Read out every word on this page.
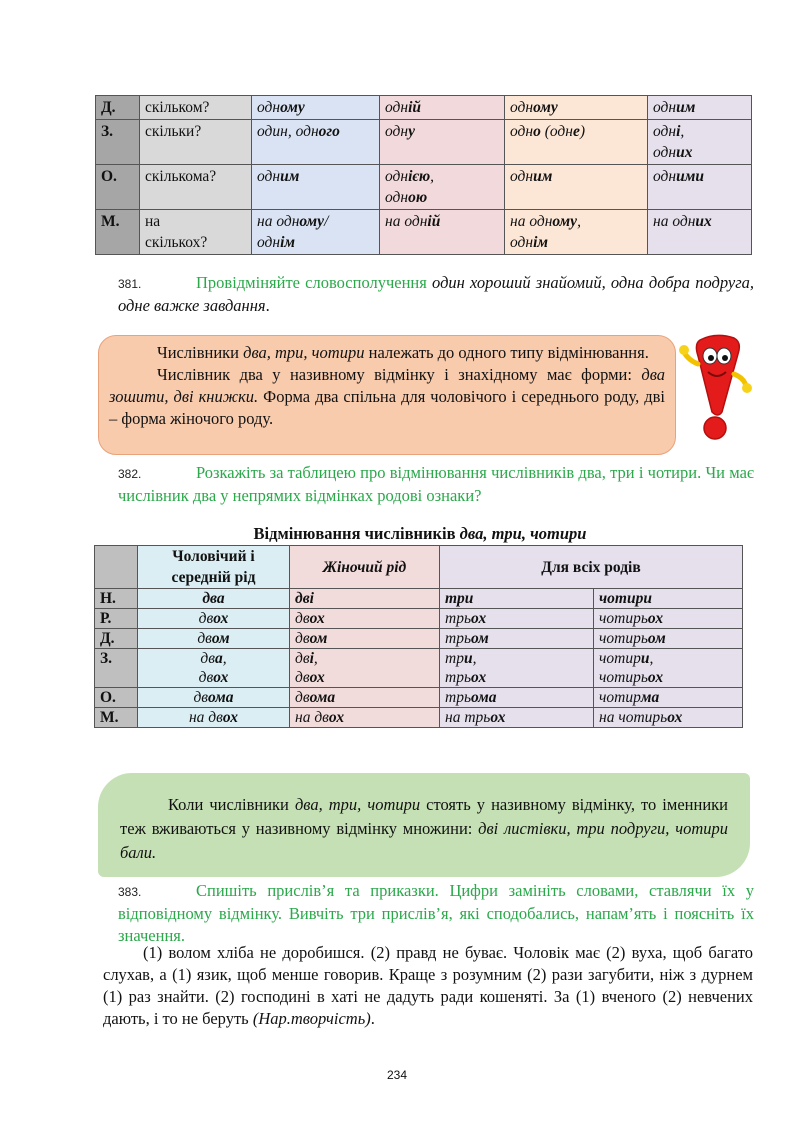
Д.	скільком?	одному	одній	одному	одним
З.	скільки?	один, одного	одну	одно (одне)	одні,
одних
О.	скількома?	одним	однією,
одною	одним	одними
М.	на
скількох?	на одному/
однім	на одній	на одному,
однім	на одних
381.	Провідміняйте словосполучення один хороший знайомий, одна добра подруга, одне важке завдання.

Числівники два, три, чотири належать до одного типу відмінювання.

Числівник два у називному відмінку і знахідному має форми: два зошити, дві книжки. Форма два спільна для чоловічого і середнього роду, дві – форма жіночого роду.

382.	Розкажіть за таблицею про відмінювання числівників два, три і чотири. Чи має числівник два у непрямих відмінках родові ознаки?
Відмінювання числівників два, три, чотири
	Чоловічий і середній рід	Жіночий рід	Для всіх родів	
Н.	два	дві	три	чотири
Р.	двох	двох	трьох	чотирьох
Д.	двом	двом	трьом	чотирьом
З.	два,
двох	дві,
двох	три,
трьох	чотири,
чотирьох
О.	двома	двома	трьома	чотирма
М.	на двох	на двох	на трьох	на чотирьох

Коли числівники два, три, чотири стоять у називному відмінку, то іменники теж вживаються у називному відмінку множини: дві листівки, три подруги, чотири бали.

383.	Спишіть прислів’я та приказки. Цифри замініть словами, ставлячи їх у відповідному відмінку. Вивчіть три прислів’я, які сподобались, напам’ять і поясніть їх значення.

(1) волом хліба не доробишся. (2) правд не буває. Чоловік має (2) вуха, щоб багато слухав, а (1) язик, щоб менше говорив. Краще з розумним (2) рази загубити, ніж з дурнем (1) раз знайти. (2) господині в хаті не дадуть ради кошеняті. За (1) вченого (2) невчених дають, і то не беруть (Нар.творчість).

234
